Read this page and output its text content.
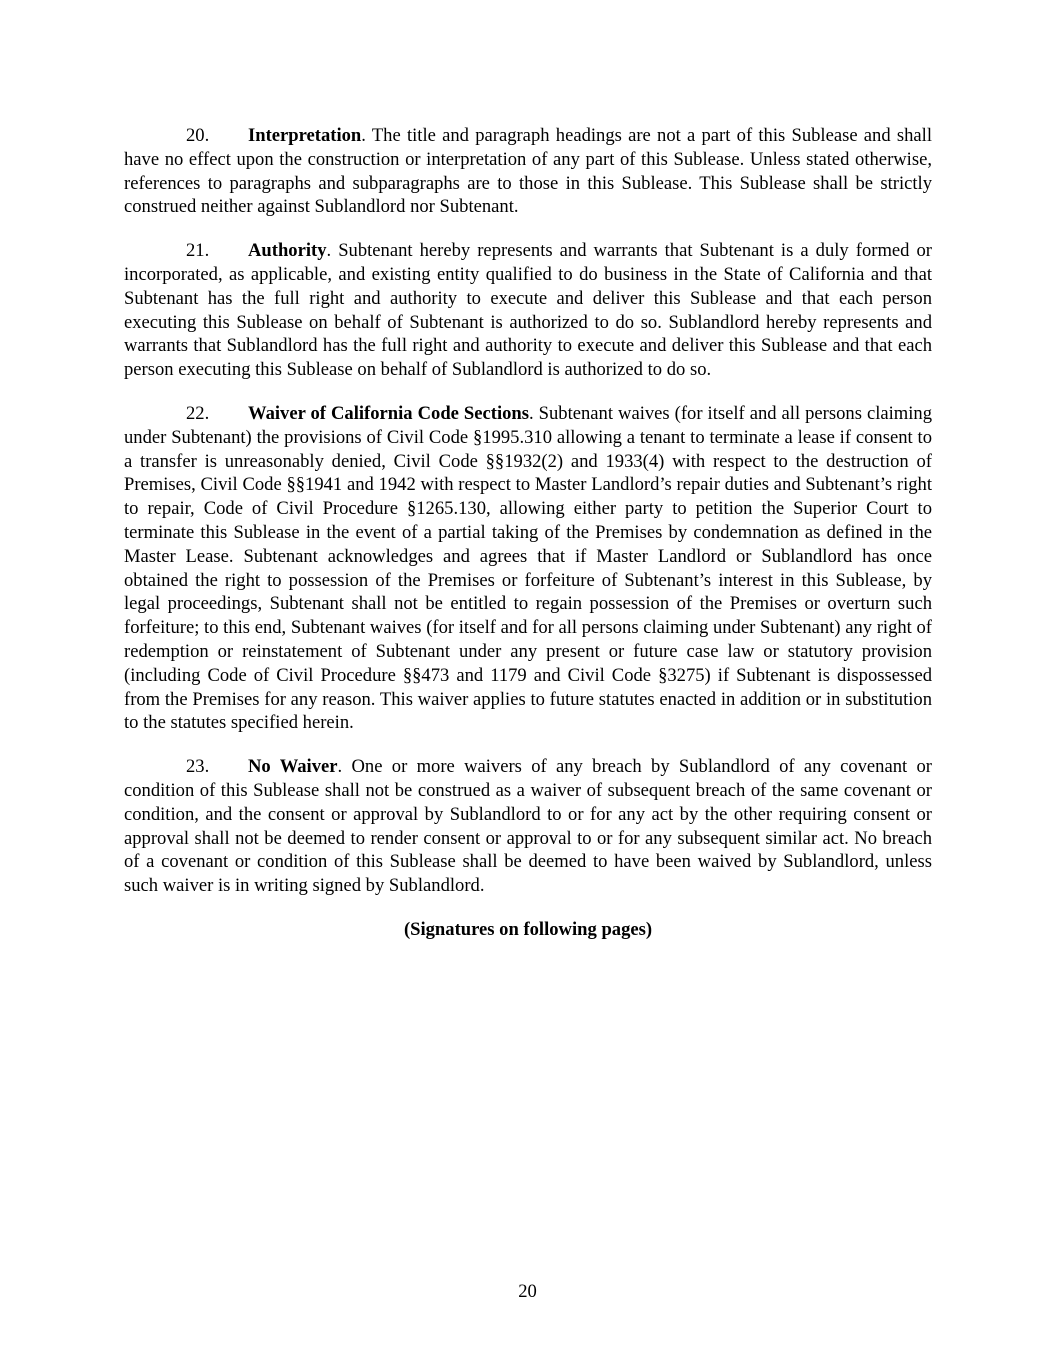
20. Interpretation. The title and paragraph headings are not a part of this Sublease and shall have no effect upon the construction or interpretation of any part of this Sublease. Unless stated otherwise, references to paragraphs and subparagraphs are to those in this Sublease. This Sublease shall be strictly construed neither against Sublandlord nor Subtenant.

21. Authority. Subtenant hereby represents and warrants that Subtenant is a duly formed or incorporated, as applicable, and existing entity qualified to do business in the State of California and that Subtenant has the full right and authority to execute and deliver this Sublease and that each person executing this Sublease on behalf of Subtenant is authorized to do so. Sublandlord hereby represents and warrants that Sublandlord has the full right and authority to execute and deliver this Sublease and that each person executing this Sublease on behalf of Sublandlord is authorized to do so.

22. Waiver of California Code Sections. Subtenant waives (for itself and all persons claiming under Subtenant) the provisions of Civil Code §1995.310 allowing a tenant to terminate a lease if consent to a transfer is unreasonably denied, Civil Code §§1932(2) and 1933(4) with respect to the destruction of Premises, Civil Code §§1941 and 1942 with respect to Master Landlord’s repair duties and Subtenant’s right to repair, Code of Civil Procedure §1265.130, allowing either party to petition the Superior Court to terminate this Sublease in the event of a partial taking of the Premises by condemnation as defined in the Master Lease. Subtenant acknowledges and agrees that if Master Landlord or Sublandlord has once obtained the right to possession of the Premises or forfeiture of Subtenant’s interest in this Sublease, by legal proceedings, Subtenant shall not be entitled to regain possession of the Premises or overturn such forfeiture; to this end, Subtenant waives (for itself and for all persons claiming under Subtenant) any right of redemption or reinstatement of Subtenant under any present or future case law or statutory provision (including Code of Civil Procedure §§473 and 1179 and Civil Code §3275) if Subtenant is dispossessed from the Premises for any reason. This waiver applies to future statutes enacted in addition or in substitution to the statutes specified herein.

23. No Waiver. One or more waivers of any breach by Sublandlord of any covenant or condition of this Sublease shall not be construed as a waiver of subsequent breach of the same covenant or condition, and the consent or approval by Sublandlord to or for any act by the other requiring consent or approval shall not be deemed to render consent or approval to or for any subsequent similar act. No breach of a covenant or condition of this Sublease shall be deemed to have been waived by Sublandlord, unless such waiver is in writing signed by Sublandlord.

(Signatures on following pages)
20
